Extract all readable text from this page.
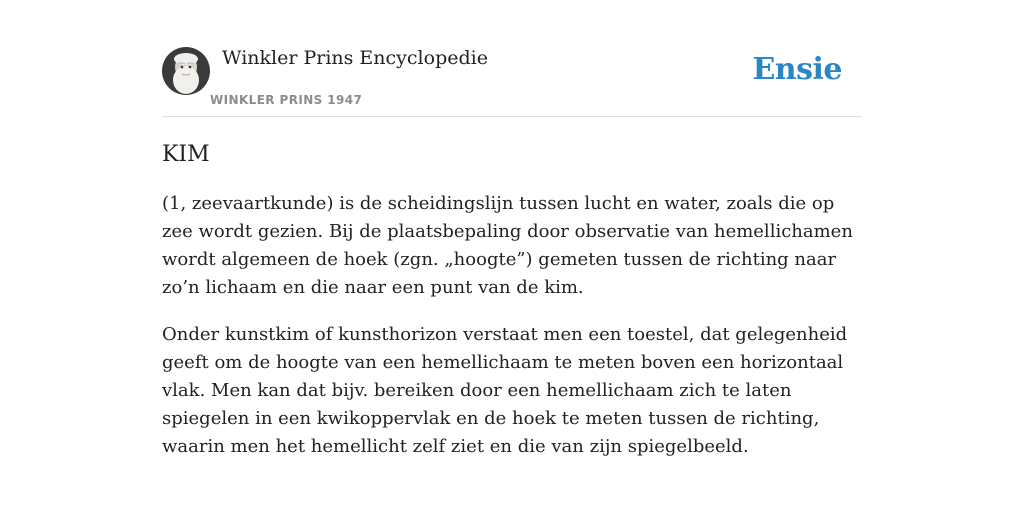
Winkler Prins Encyclopedie
WINKLER PRINS 1947
Ensie
KIM

(1, zeevaartkunde) is de scheidingslijn tussen lucht en water, zoals die op zee wordt gezien. Bij de plaatsbepaling door observatie van hemellichamen wordt algemeen de hoek (zgn. „hoogte”) gemeten tussen de richting naar zo’n lichaam en die naar een punt van de kim.

Onder kunstkim of kunsthorizon verstaat men een toestel, dat gelegenheid geeft om de hoogte van een hemellichaam te meten boven een horizontaal vlak. Men kan dat bijv. bereiken door een hemellichaam zich te laten spiegelen in een kwikoppervlak en de hoek te meten tussen de richting, waarin men het hemellicht zelf ziet en die van zijn spiegelbeeld.
